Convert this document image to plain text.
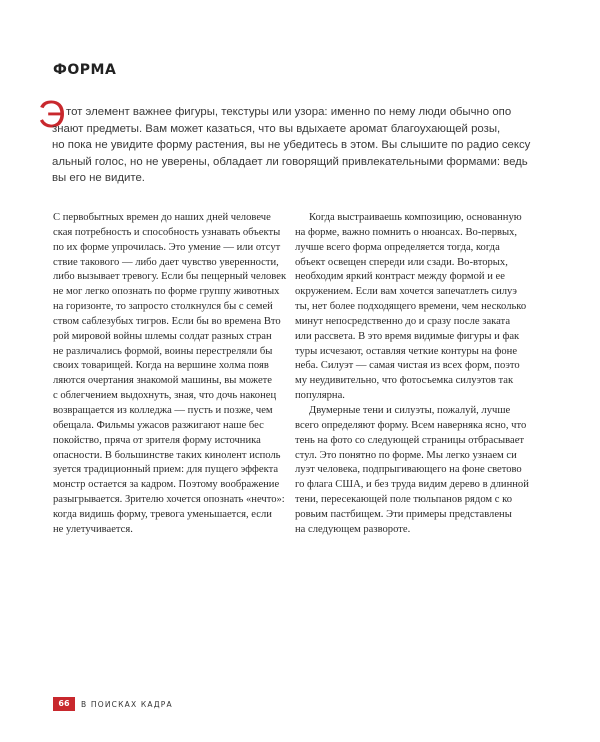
ФОРМА
Э тот элемент важнее фигуры, текстуры или узора: именно по нему люди обычно опо
знают предметы. Вам может казаться, что вы вдыхаете аромат благоухающей розы,
но пока не увидите форму растения, вы не убедитесь в этом. Вы слышите по радио сексу
альный голос, но не уверены, обладает ли говорящий привлекательными формами: ведь
вы его не видите.
С первобытных времен до наших дней человече
ская потребность и способность узнавать объекты
по их форме упрочилась. Это умение — или отсут
ствие такового — либо дает чувство уверенности,
либо вызывает тревогу. Если бы пещерный человек
не мог легко опознать по форме группу животных
на горизонте, то запросто столкнулся бы с семей
ством саблезубых тигров. Если бы во времена Вто
рой мировой войны шлемы солдат разных стран
не различались формой, воины перестреляли бы
своих товарищей. Когда на вершине холма появ
ляются очертания знакомой машины, вы можете
с облегчением выдохнуть, зная, что дочь наконец
возвращается из колледжа — пусть и позже, чем
обещала. Фильмы ужасов разжигают наше бес
покойство, пряча от зрителя форму источника
опасности. В большинстве таких кинолент исполь
зуется традиционный прием: для пущего эффекта
монстр остается за кадром. Поэтому воображение
разыгрывается. Зрителю хочется опознать «нечто»:
когда видишь форму, тревога уменьшается, если
не улетучивается.
Когда выстраиваешь композицию, основанную
на форме, важно помнить о нюансах. Во-первых,
лучше всего форма определяется тогда, когда
объект освещен спереди или сзади. Во-вторых,
необходим яркий контраст между формой и ее
окружением. Если вам хочется запечатлеть силуэ
ты, нет более подходящего времени, чем несколько
минут непосредственно до и сразу после заката
или рассвета. В это время видимые фигуры и фак
туры исчезают, оставляя четкие контуры на фоне
неба. Силуэт — самая чистая из всех форм, поэто
му неудивительно, что фотосъемка силуэтов так
популярна.
Двумерные тени и силуэты, пожалуй, лучше
всего определяют форму. Всем наверняка ясно, что
тень на фото со следующей страницы отбрасывает
стул. Это понятно по форме. Мы легко узнаем си
луэт человека, подпрыгивающего на фоне светово
го флага США, и без труда видим дерево в длинной
тени, пересекающей поле тюльпанов рядом с ко
ровьим пастбищем. Эти примеры представлены
на следующем развороте.
66	В ПОИСКАХ КАДРА
